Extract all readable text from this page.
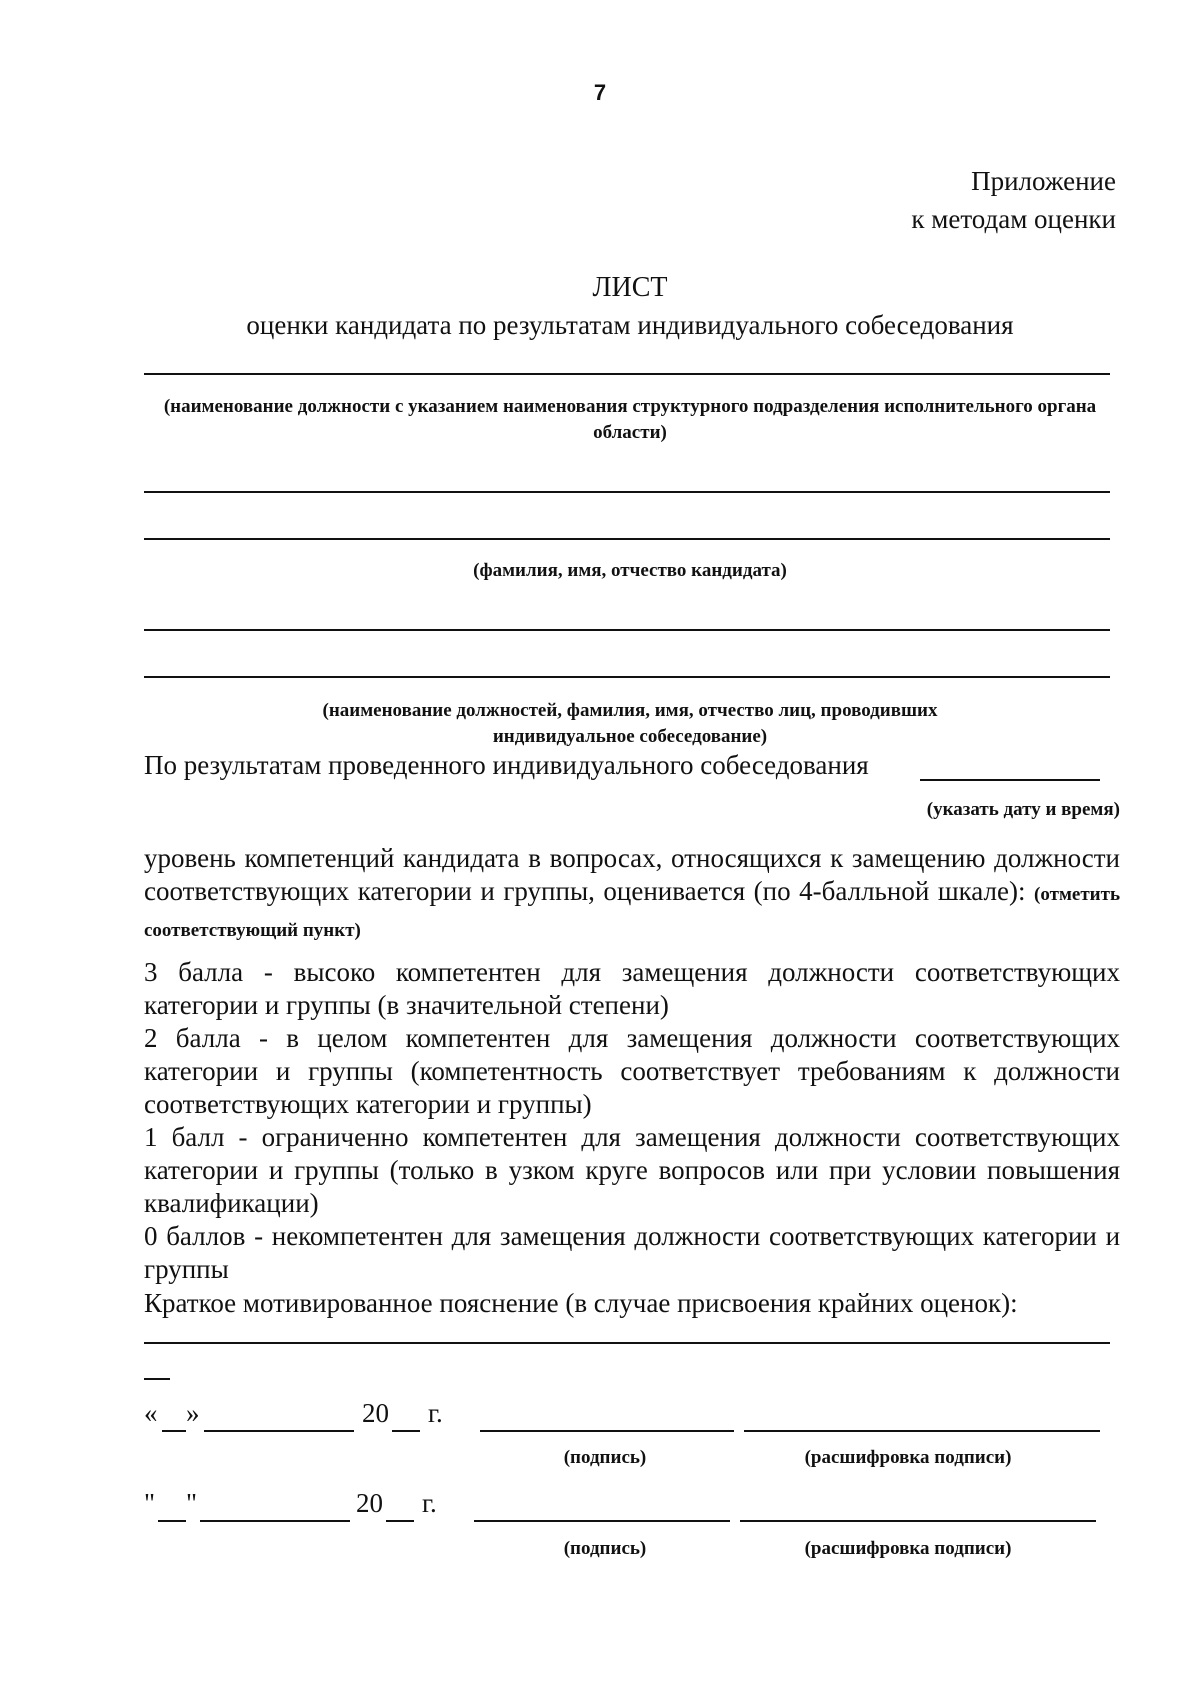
7
Приложение
к методам оценки
ЛИСТ
оценки кандидата по результатам индивидуального собеседования
(наименование должности с указанием наименования структурного подразделения исполнительного органа области)
(фамилия, имя, отчество кандидата)
(наименование должностей, фамилия, имя, отчество лиц, проводивших индивидуальное собеседование)
По результатам проведенного индивидуального собеседования
(указать дату и время)
уровень компетенций кандидата в вопросах, относящихся к замещению должности соответствующих категории и группы, оценивается (по 4-балльной шкале): (отметить соответствующий пункт)
3 балла - высоко компетентен для замещения должности соответствующих категории и группы (в значительной степени)
2 балла - в целом компетентен для замещения должности соответствующих категории и группы (компетентность соответствует требованиям к должности соответствующих категории и группы)
1 балл - ограниченно компетентен для замещения должности соответствующих категории и группы (только в узком круге вопросов или при условии повышения квалификации)
0 баллов - некомпетентен для замещения должности соответствующих категории и группы
Краткое мотивированное пояснение (в случае присвоения крайних оценок):
« »	20 г.
(подпись)	(расшифровка подписи)
" "	20 г.
(подпись)	(расшифровка подписи)
